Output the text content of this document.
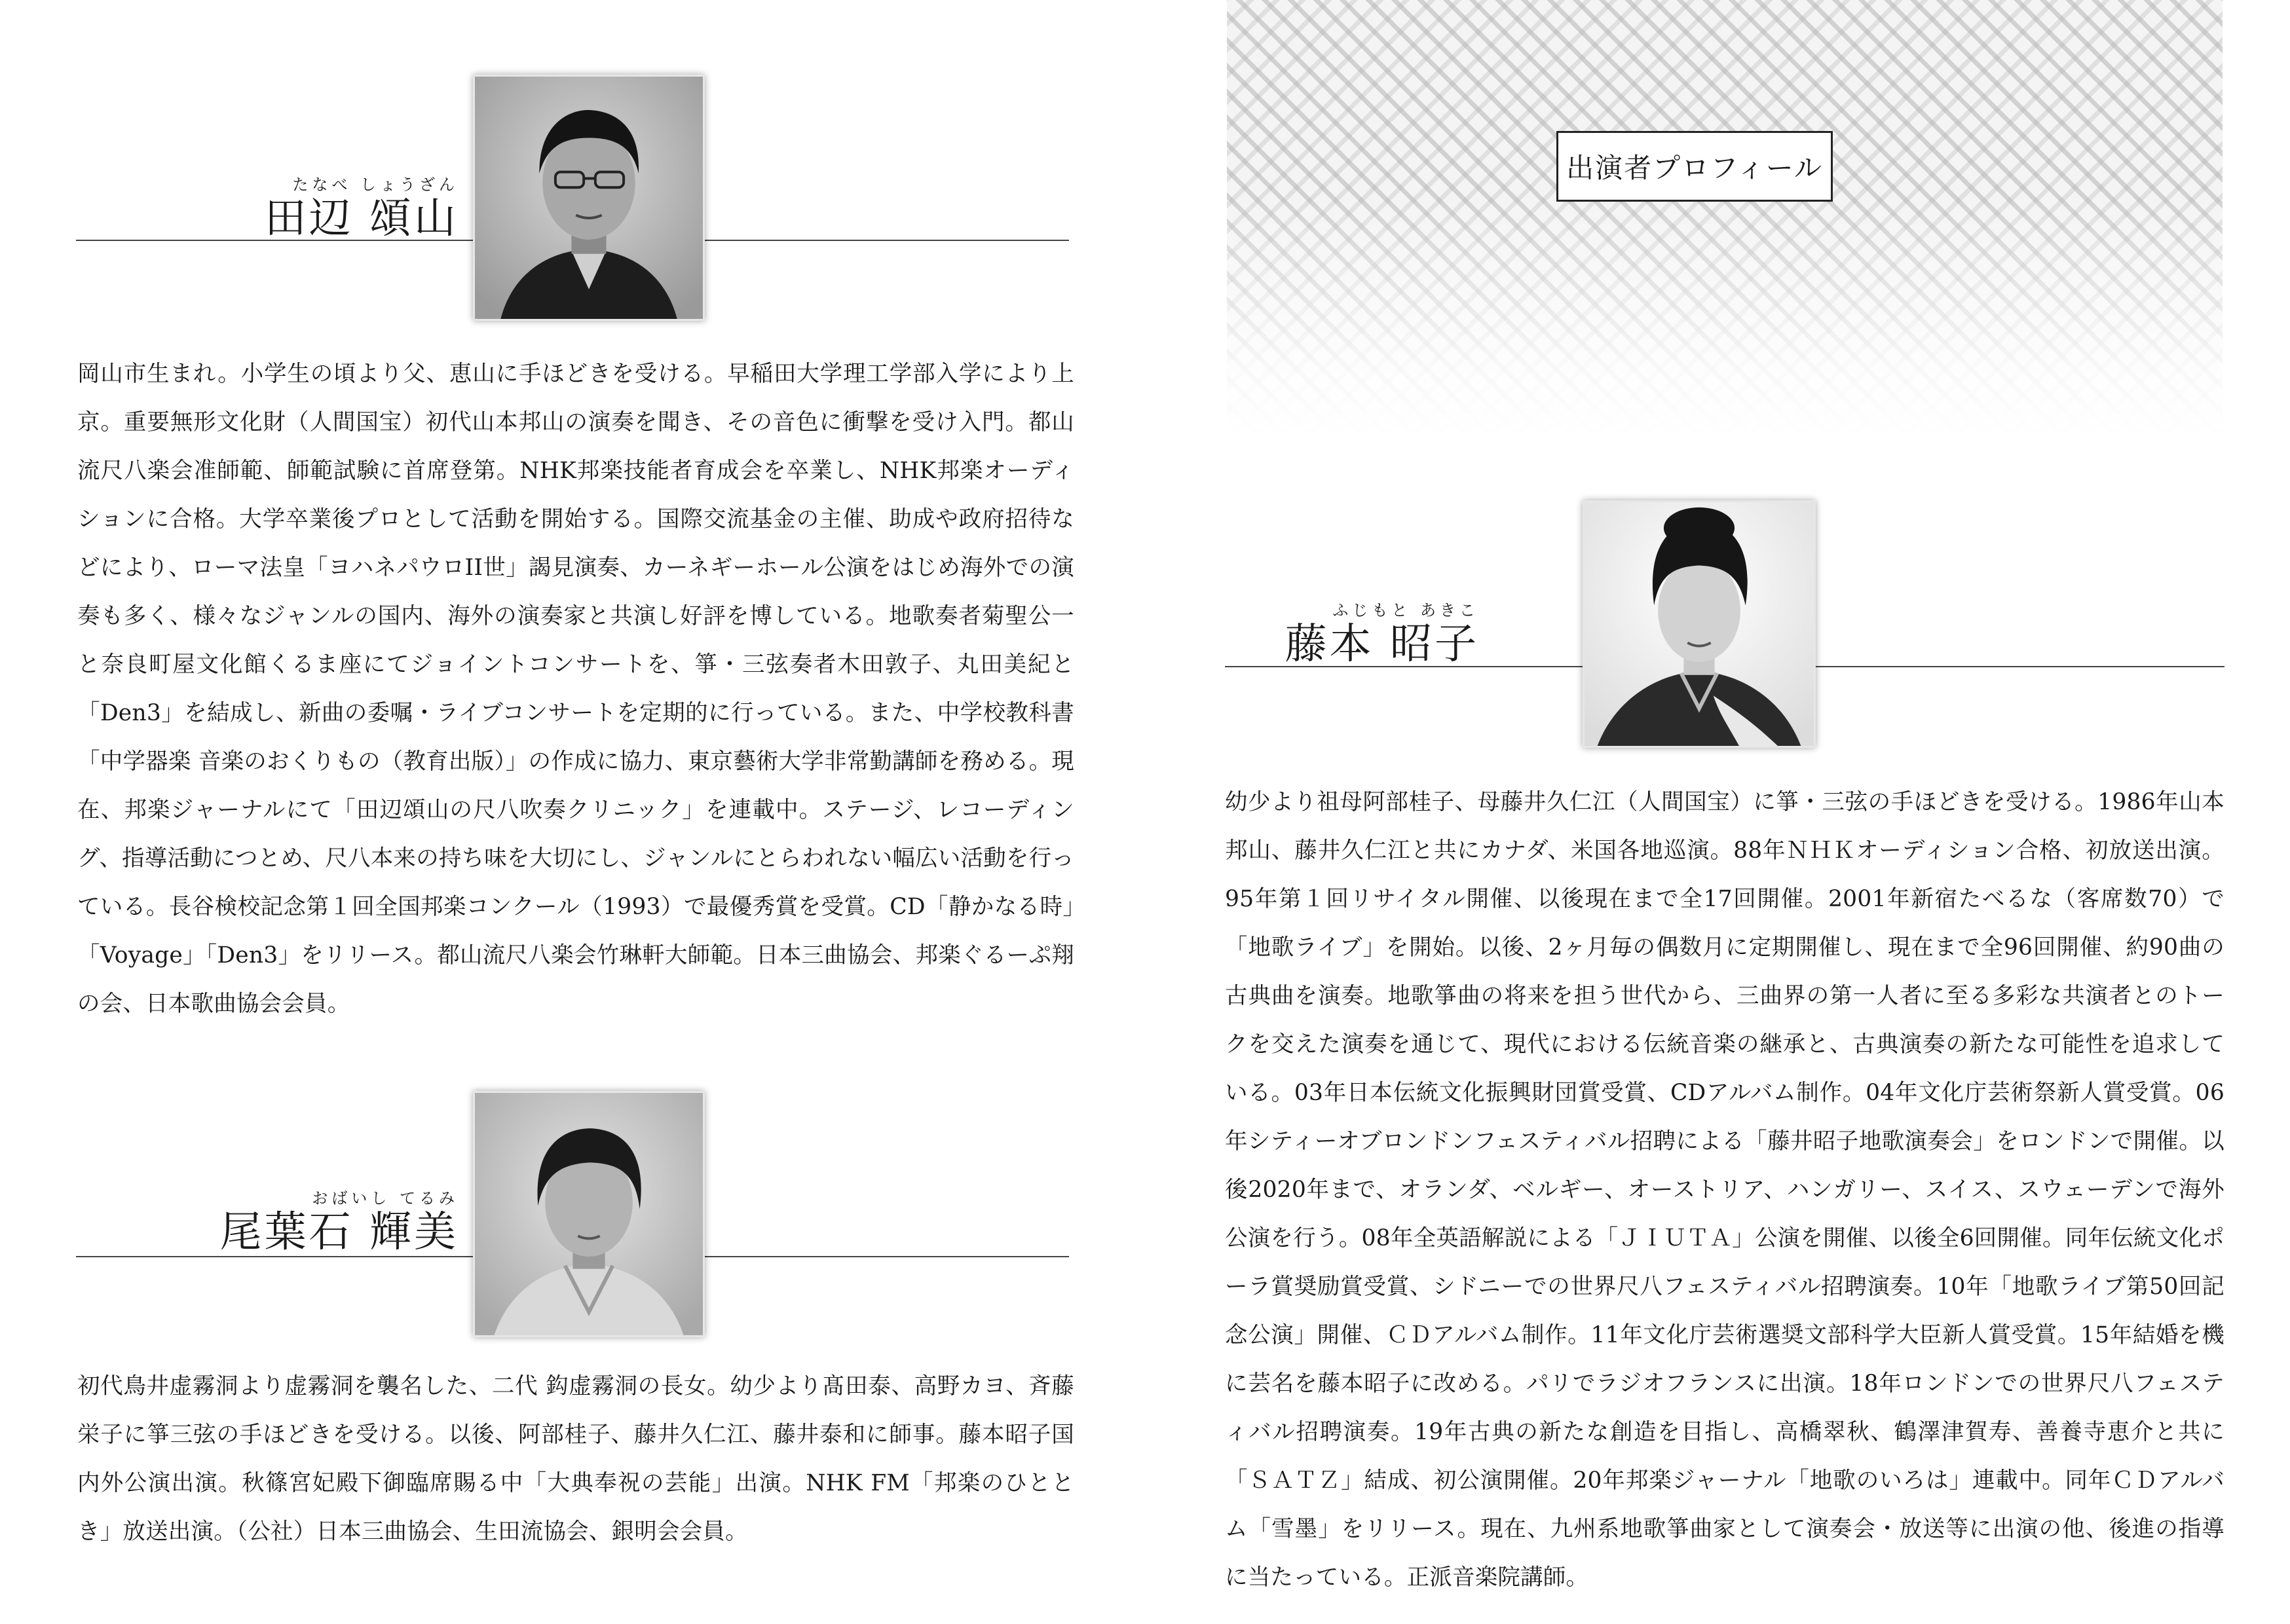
たなべ しょうざん
田辺 頌山
岡山市生まれ。小学生の頃より父、恵山に手ほどきを受ける。早稲田大学理工学部入学により上京。重要無形文化財（人間国宝）初代山本邦山の演奏を聞き、その音色に衝撃を受け入門。都山流尺八楽会准師範、師範試験に首席登第。NHK邦楽技能者育成会を卒業し、NHK邦楽オーディションに合格。大学卒業後プロとして活動を開始する。国際交流基金の主催、助成や政府招待などにより、ローマ法皇「ヨハネパウロII世」謁見演奏、カーネギーホール公演をはじめ海外での演奏も多く、様々なジャンルの国内、海外の演奏家と共演し好評を博している。地歌奏者菊聖公一と奈良町屋文化館くるま座にてジョイントコンサートを、箏・三弦奏者木田敦子、丸田美紀と「Den3」を結成し、新曲の委嘱・ライブコンサートを定期的に行っている。また、中学校教科書「中学器楽 音楽のおくりもの（教育出版）」の作成に協力、東京藝術大学非常勤講師を務める。現在、邦楽ジャーナルにて「田辺頌山の尺八吹奏クリニック」を連載中。ステージ、レコーディング、指導活動につとめ、尺八本来の持ち味を大切にし、ジャンルにとらわれない幅広い活動を行っている。長谷検校記念第１回全国邦楽コンクール（1993）で最優秀賞を受賞。CD「静かなる時」「Voyage」「Den3」をリリース。都山流尺八楽会竹琳軒大師範。日本三曲協会、邦楽ぐるーぷ翔の会、日本歌曲協会会員。
おばいし てるみ
尾葉石 輝美
初代鳥井虚霧洞より虚霧洞を襲名した、二代 鈎虚霧洞の長女。幼少より髙田泰、高野カヨ、斉藤栄子に箏三弦の手ほどきを受ける。以後、阿部桂子、藤井久仁江、藤井泰和に師事。藤本昭子国内外公演出演。秋篠宮妃殿下御臨席賜る中「大典奉祝の芸能」出演。NHK FM「邦楽のひととき」放送出演。（公社）日本三曲協会、生田流協会、銀明会会員。
出演者プロフィール
ふじもと あきこ
藤本 昭子
幼少より祖母阿部桂子、母藤井久仁江（人間国宝）に箏・三弦の手ほどきを受ける。1986年山本邦山、藤井久仁江と共にカナダ、米国各地巡演。88年ＮＨＫオーディション合格、初放送出演。95年第１回リサイタル開催、以後現在まで全17回開催。2001年新宿たべるな（客席数70）で「地歌ライブ」を開始。以後、2ヶ月毎の偶数月に定期開催し、現在まで全96回開催、約90曲の古典曲を演奏。地歌箏曲の将来を担う世代から、三曲界の第一人者に至る多彩な共演者とのトークを交えた演奏を通じて、現代における伝統音楽の継承と、古典演奏の新たな可能性を追求している。03年日本伝統文化振興財団賞受賞、CDアルバム制作。04年文化庁芸術祭新人賞受賞。06年シティーオブロンドンフェスティバル招聘による「藤井昭子地歌演奏会」をロンドンで開催。以後2020年まで、オランダ、ベルギー、オーストリア、ハンガリー、スイス、スウェーデンで海外公演を行う。08年全英語解説による「ＪＩＵＴＡ」公演を開催、以後全6回開催。同年伝統文化ポーラ賞奨励賞受賞、シドニーでの世界尺八フェスティバル招聘演奏。10年「地歌ライブ第50回記念公演」開催、ＣＤアルバム制作。11年文化庁芸術選奨文部科学大臣新人賞受賞。15年結婚を機に芸名を藤本昭子に改める。パリでラジオフランスに出演。18年ロンドンでの世界尺八フェスティバル招聘演奏。19年古典の新たな創造を目指し、高橋翠秋、鶴澤津賀寿、善養寺恵介と共に「ＳＡＴＺ」結成、初公演開催。20年邦楽ジャーナル「地歌のいろは」連載中。同年ＣＤアルバム「雪墨」をリリース。現在、九州系地歌箏曲家として演奏会・放送等に出演の他、後進の指導に当たっている。正派音楽院講師。
